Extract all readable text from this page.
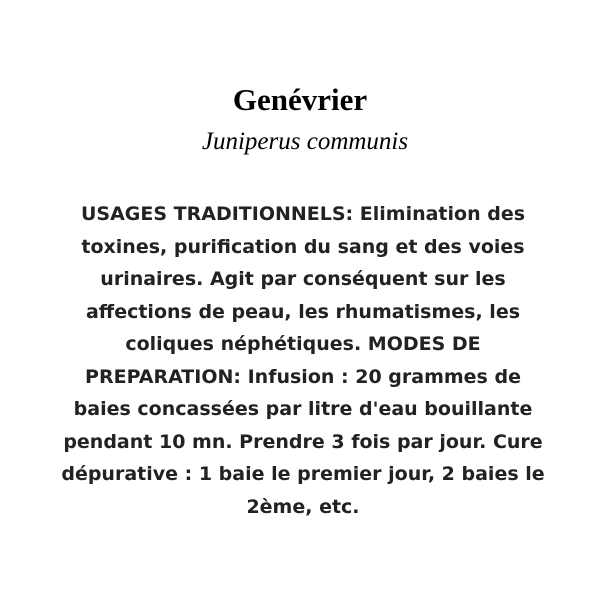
Genévrier

Juniperus communis

USAGES TRADITIONNELS: Elimination des toxines, purification du sang et des voies urinaires. Agit par conséquent sur les affections de peau, les rhumatismes, les coliques néphétiques. MODES DE PREPARATION: Infusion : 20 grammes de baies concassées par litre d'eau bouillante pendant 10 mn. Prendre 3 fois par jour. Cure dépurative : 1 baie le premier jour, 2 baies le 2ème, etc.
